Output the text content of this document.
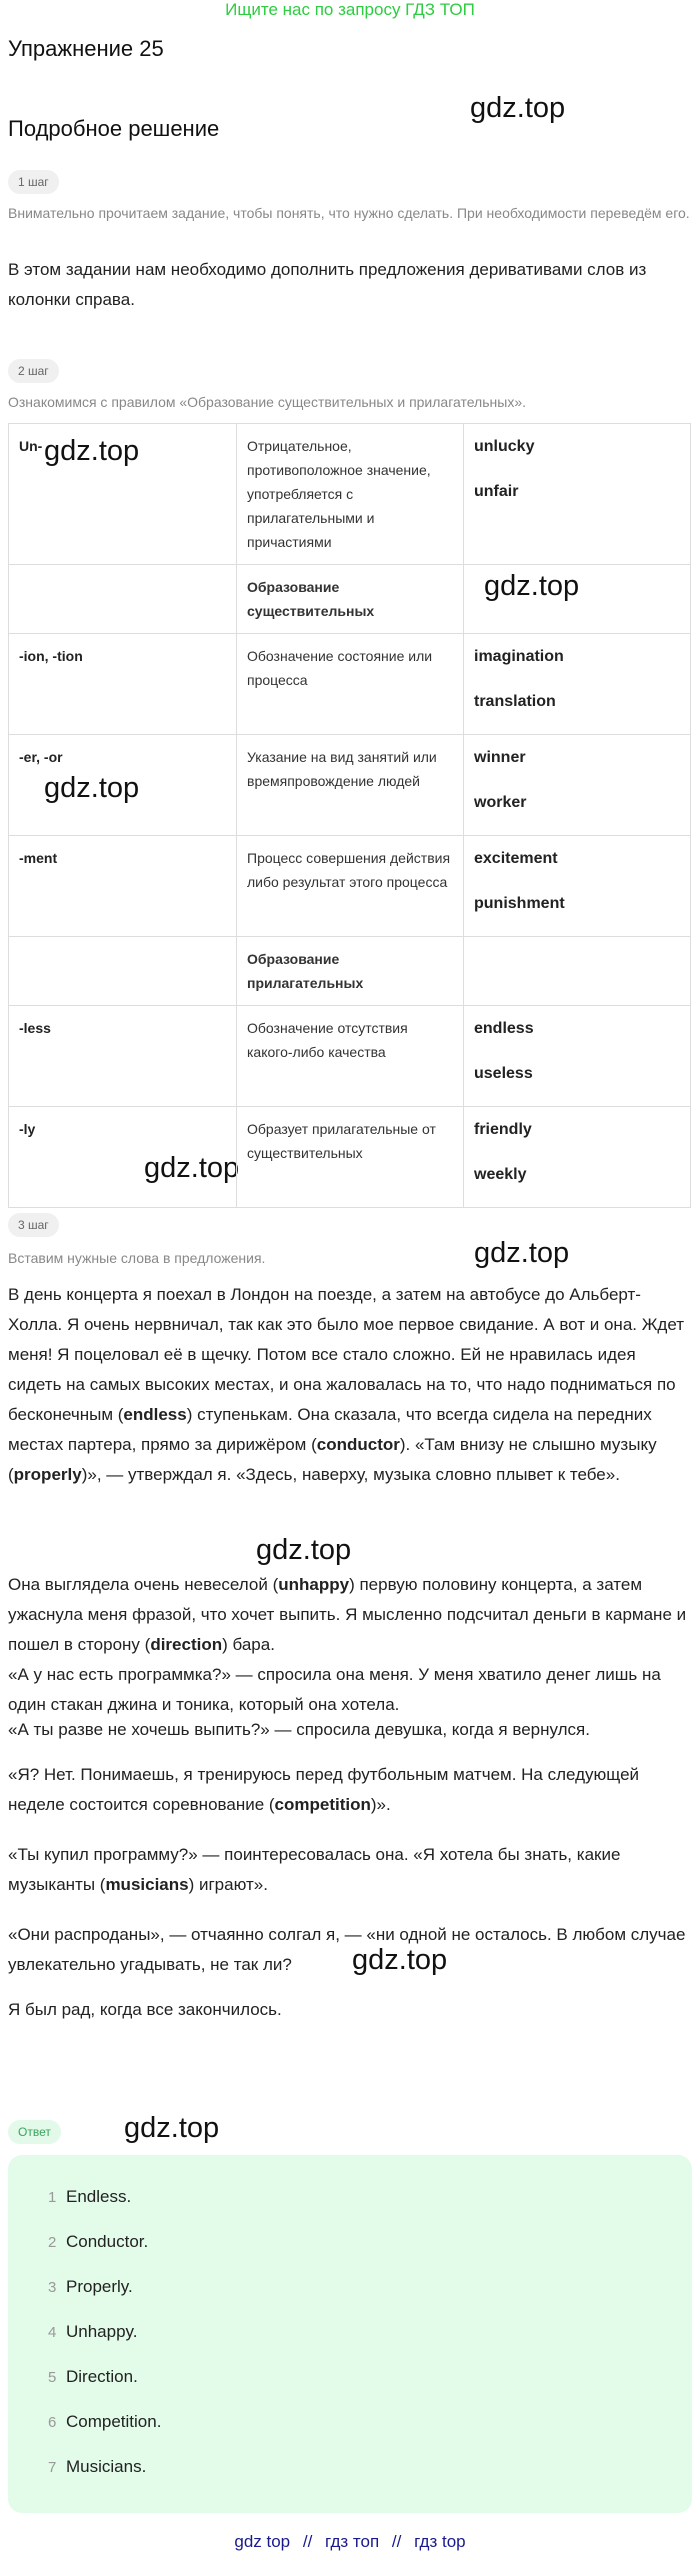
Ищите нас по запросу ГДЗ ТОП
Упражнение 25
Подробное решение
gdz.top
gdz.top
gdz.top
gdz.top
gdz.top
gdz.top
gdz.top
gdz.top
gdz.top
1 шаг
Внимательно прочитаем задание, чтобы понять, что нужно сделать. При необходимости переведём его.
В этом задании нам необходимо дополнить предложения деривативами слов из колонки справа.
2 шаг
Ознакомимся с правилом «Образование существительных и прилагательных».
Un-	Отрицательное, противоположное значение, употребляется с прилагательными и причастиями	unlucky
unfair

	Образование существительных	
-ion, -tion	Обозначение состояние или процесса	imagination
translation

-er, -or	Указание на вид занятий или времяпровождение людей	winner
worker

-ment	Процесс совершения действия либо результат этого процесса	excitement
punishment

	Образование прилагательных	
-less	Обозначение отсутствия какого-либо качества	endless
useless

-ly	Образует прилагательные от существительных	friendly
weekly
3 шаг
Вставим нужные слова в предложения.
В день концерта я поехал в Лондон на поезде, а затем на автобусе до Альберт-Холла. Я очень нервничал, так как это было мое первое свидание. А вот и она. Ждет меня! Я поцеловал её в щечку. Потом все стало сложно. Ей не нравилась идея сидеть на самых высоких местах, и она жаловалась на то, что надо подниматься по бесконечным (endless) ступенькам. Она сказала, что всегда сидела на передних местах партера, прямо за дирижёром (conductor). «Там внизу не слышно музыку (properly)», — утверждал я. «Здесь, наверху, музыка словно плывет к тебе».
Она выглядела очень невеселой (unhappy) первую половину концерта, а затем ужаснула меня фразой, что хочет выпить. Я мысленно подсчитал деньги в кармане и пошел в сторону (direction) бара.
«А у нас есть программка?» — спросила она меня. У меня хватило денег лишь на один стакан джина и тоника, который она хотела.
«А ты разве не хочешь выпить?» — спросила девушка, когда я вернулся.
«Я? Нет. Понимаешь, я тренируюсь перед футбольным матчем. На следующей неделе состоится соревнование (competition)».
«Ты купил программу?» — поинтересовалась она. «Я хотела бы знать, какие музыканты (musicians) играют».
«Они распроданы», — отчаянно солгал я, — «ни одной не осталось. В любом случае увлекательно угадывать, не так ли?
Я был рад, когда все закончилось.
Ответ
1 Endless.
2 Conductor.
3 Properly.
4 Unhappy.
5 Direction.
6 Competition.
7 Musicians.
gdz top // гдз топ // гдз top
